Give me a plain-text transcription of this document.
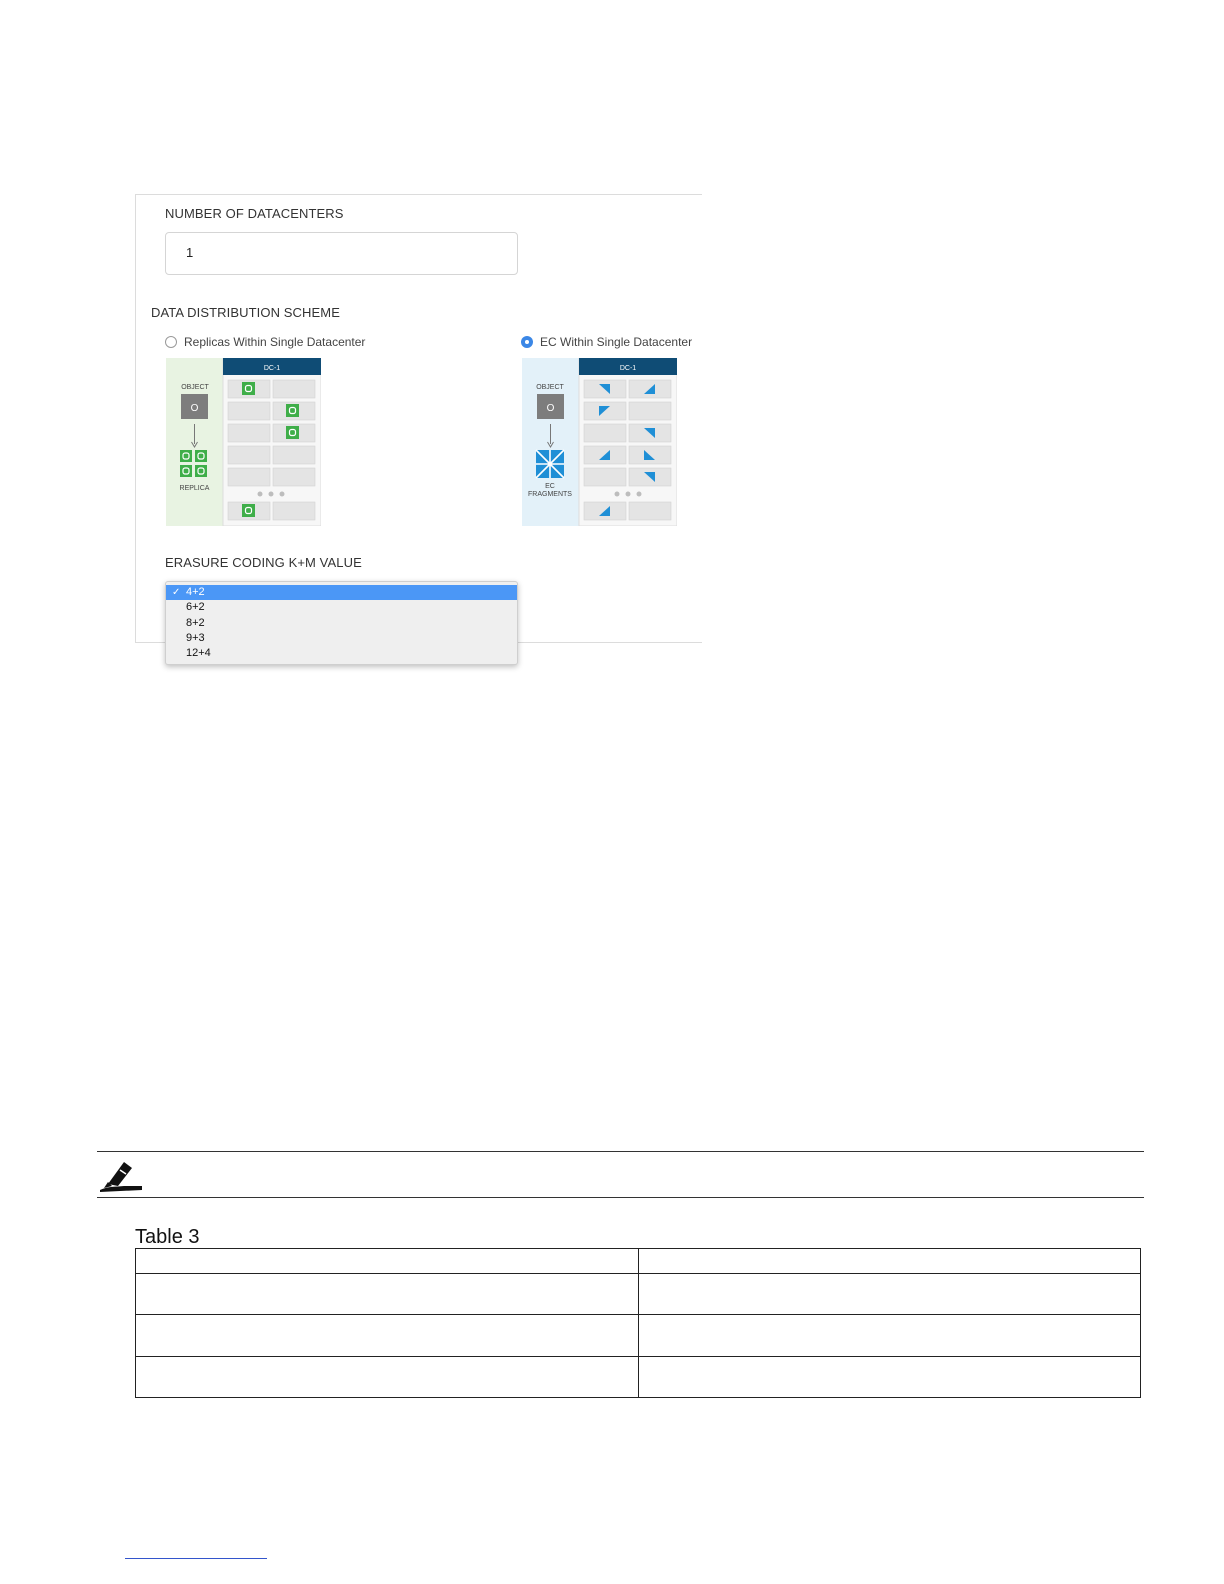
NUMBER OF DATACENTERS
1
DATA DISTRIBUTION SCHEME
Replicas Within Single Datacenter	EC Within Single Datacenter
DC-1
OBJECT
O
REPLICA
DC-1
OBJECT
O
EC
FRAGMENTS
ERASURE CODING K+M VALUE
✓ 4+2
6+2
8+2
9+3
12+4
Table 3
